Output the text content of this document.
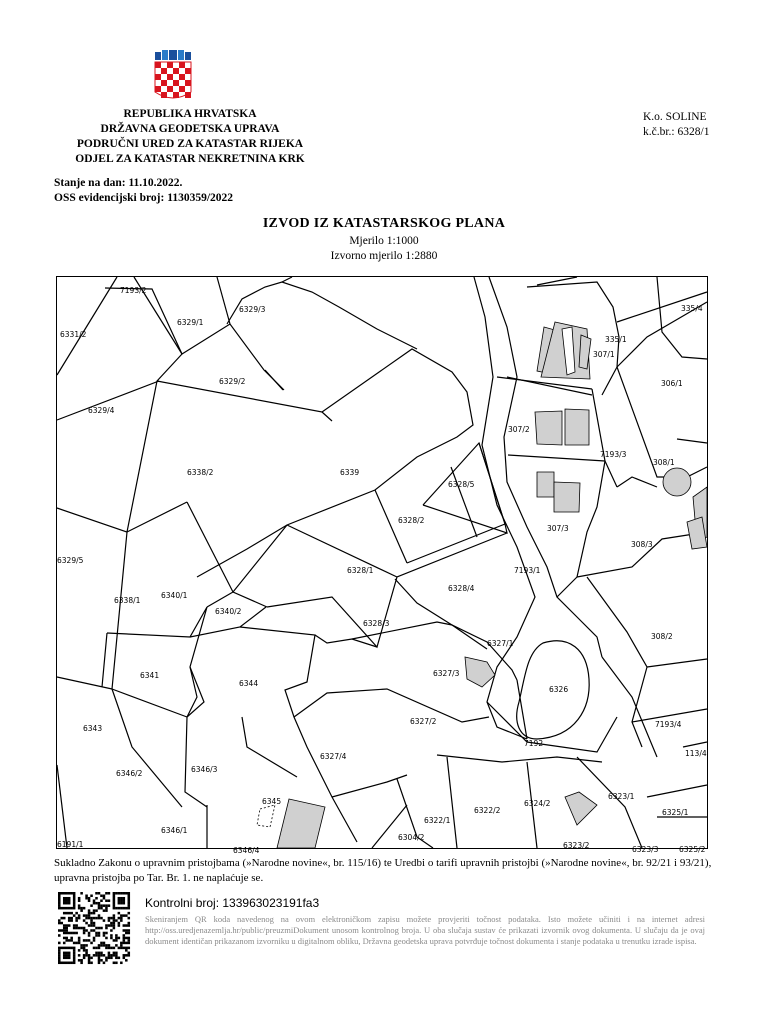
REPUBLIKA HRVATSKA
DRŽAVNA GEODETSKA UPRAVA
PODRUČNI URED ZA KATASTAR RIJEKA
ODJEL ZA KATASTAR NEKRETNINA KRK
K.o. SOLINE
k.č.br.: 6328/1
Stanje na dan: 11.10.2022.
OSS evidencijski broj: 1130359/2022
IZVOD IZ KATASTARSKOG PLANA
Mjerilo 1:1000
Izvorno mjerilo 1:2880
7193/2
6329/3
6329/1
6331/2
6329/2
6329/4
6338/2	6339
6328/5
6328/2
6329/5
6328/1
6328/4
6338/1
6340/1
6340/2
6328/3
6327/1
6341	6327/3
6344
6326
6343
6327/2	7193/4
6327/4
7192
6346/2	6346/3
6345
6322/2
6324/2
6323/1
6325/1
6322/1
6346/1
6304/2
6346/4
6323/2	6323/3	6325/2
6191/1
335/4
335/1
307/1
306/1
307/2
7193/3
308/1
307/3
308/3
7193/1
308/2
113/4
Sukladno Zakonu o upravnim pristojbama (»Narodne novine«, br. 115/16) te Uredbi o tarifi upravnih pristojbi (»Narodne novine«, br. 92/21 i 93/21), upravna pristojba po Tar. Br. 1. ne naplaćuje se.
Kontrolni broj: 133963023191fa3
Skeniranjem QR koda navedenog na ovom elektroničkom zapisu možete provjeriti točnost podataka. Isto možete učiniti i na internet adresi http://oss.uredjenazemlja.hr/public/preuzmiDokument unosom kontrolnog broja. U oba slučaja sustav će prikazati izvornik ovog dokumenta. U slučaju da je ovaj dokument identičan prikazanom izvorniku u digitalnom obliku, Državna geodetska uprava potvrđuje točnost dokumenta i stanje podataka u trenutku izrade ispisa.
